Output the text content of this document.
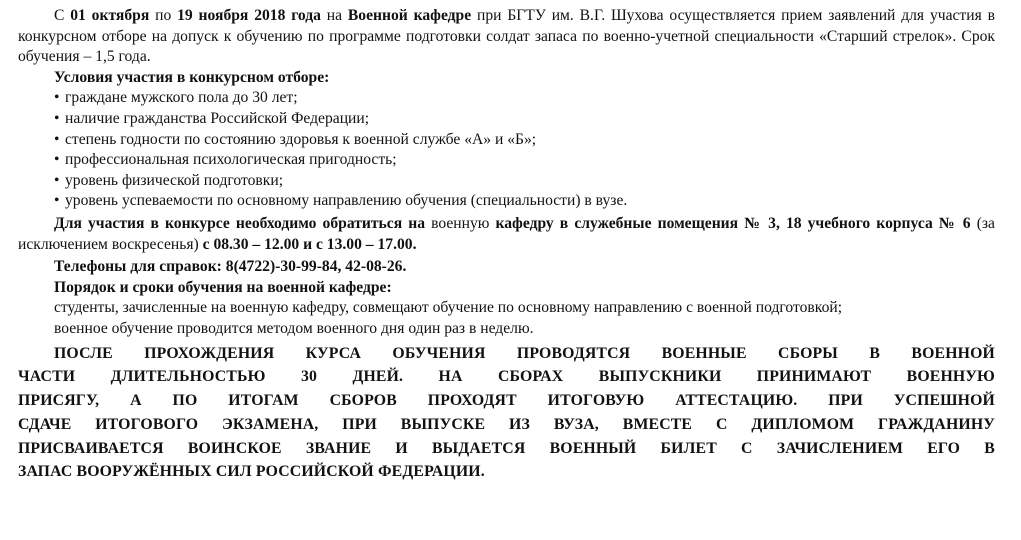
С 01 октября по 19 ноября 2018 года на Военной кафедре при БГТУ им. В.Г. Шухова осуществляется прием заявлений для участия в конкурсном отборе на допуск к обучению по программе подготовки солдат запаса по военно-учетной специальности «Старший стрелок». Срок обучения – 1,5 года.

Условия участия в конкурсном отборе:

• граждане мужского пола до 30 лет;
• наличие гражданства Российской Федерации;
• степень годности по состоянию здоровья к военной службе «А» и «Б»;
• профессиональная психологическая пригодность;
• уровень физической подготовки;
• уровень успеваемости по основному направлению обучения (специальности) в вузе.

Для участия в конкурсе необходимо обратиться на военную кафедру в служебные помещения № 3, 18 учебного корпуса № 6 (за исключением воскресенья) с 08.30 – 12.00 и с 13.00 – 17.00.

Телефоны для справок: 8(4722)-30-99-84, 42-08-26.

Порядок и сроки обучения на военной кафедре:

студенты, зачисленные на военную кафедру, совмещают обучение по основному направлению с военной подготовкой;

военное обучение проводится методом военного дня один раз в неделю.

ПОСЛЕ ПРОХОЖДЕНИЯ КУРСА ОБУЧЕНИЯ ПРОВОДЯТСЯ ВОЕННЫЕ СБОРЫ В ВОЕННОЙ

ЧАСТИ ДЛИТЕЛЬНОСТЬЮ 30 ДНЕЙ. НА СБОРАХ ВЫПУСКНИКИ ПРИНИМАЮТ ВОЕННУЮ

ПРИСЯГУ, А ПО ИТОГАМ СБОРОВ ПРОХОДЯТ ИТОГОВУЮ АТТЕСТАЦИЮ. ПРИ УСПЕШНОЙ

СДАЧЕ ИТОГОВОГО ЭКЗАМЕНА, ПРИ ВЫПУСКЕ ИЗ ВУЗА, ВМЕСТЕ С ДИПЛОМОМ ГРАЖДАНИНУ

ПРИСВАИВАЕТСЯ ВОИНСКОЕ ЗВАНИЕ И ВЫДАЕТСЯ ВОЕННЫЙ БИЛЕТ С ЗАЧИСЛЕНИЕМ ЕГО В

ЗАПАС ВООРУЖЁННЫХ СИЛ РОССИЙСКОЙ ФЕДЕРАЦИИ.
